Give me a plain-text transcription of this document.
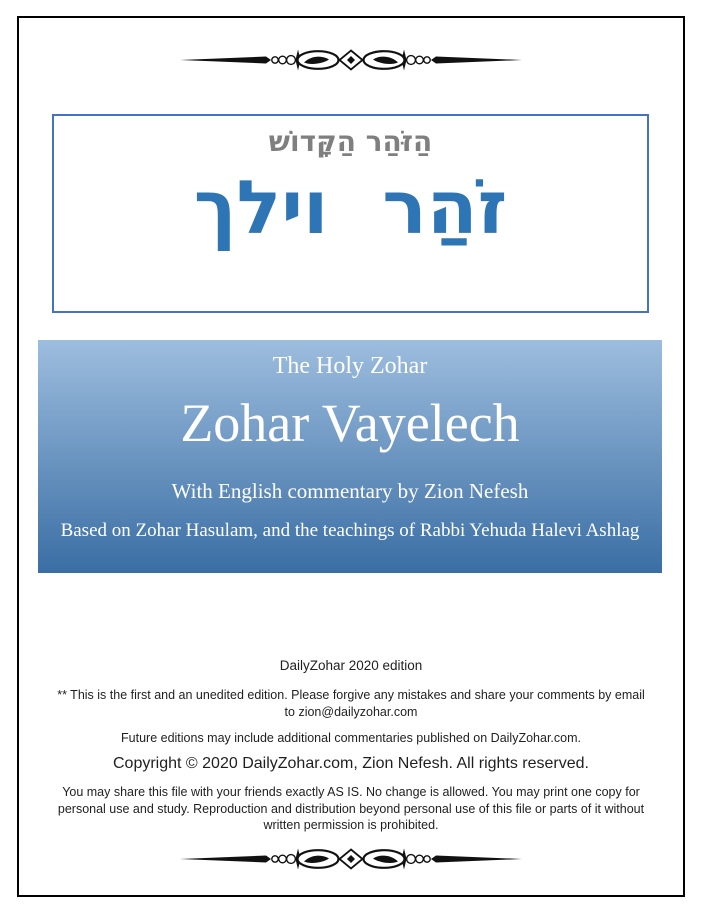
הַזֹּהַר הַקָּדוֹשׁ
זֹהַר וילך
The Holy Zohar
Zohar Vayelech
With English commentary by Zion Nefesh
Based on Zohar Hasulam, and the teachings of Rabbi Yehuda Halevi Ashlag
DailyZohar 2020 edition
** This is the first and an unedited edition. Please forgive any mistakes and share your comments by email to zion@dailyzohar.com
Future editions may include additional commentaries published on DailyZohar.com.
Copyright © 2020 DailyZohar.com, Zion Nefesh. All rights reserved.
You may share this file with your friends exactly AS IS. No change is allowed. You may print one copy for personal use and study. Reproduction and distribution beyond personal use of this file or parts of it without written permission is prohibited.
